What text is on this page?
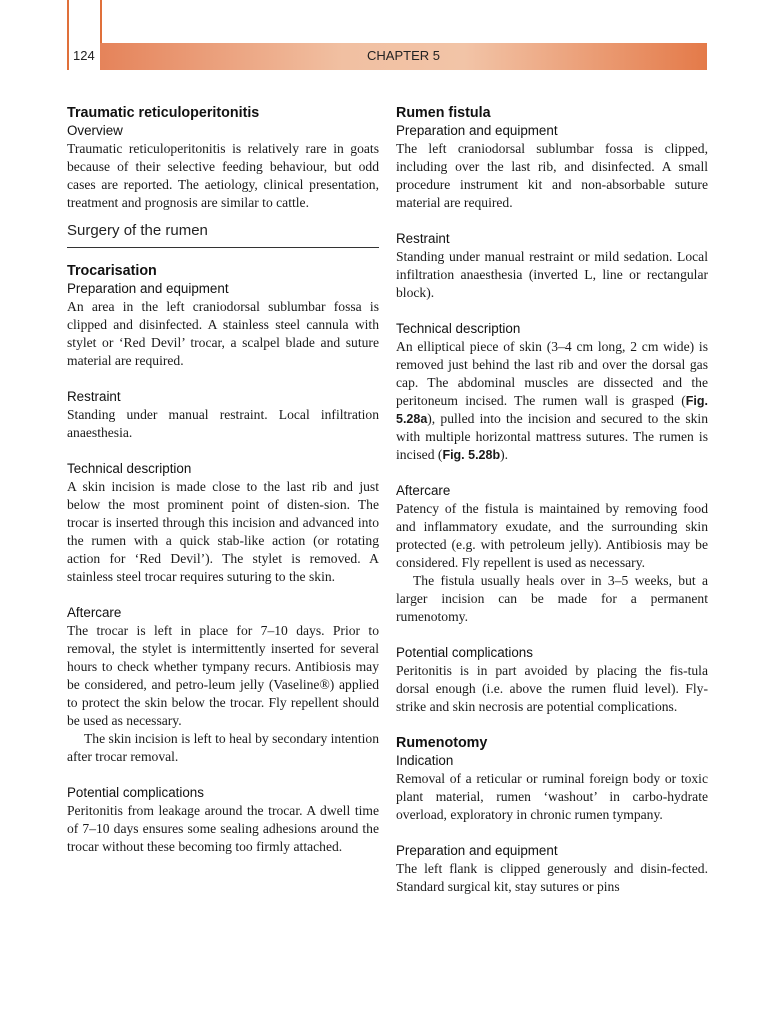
124	CHAPTER 5

Traumatic reticuloperitonitis

Overview

Traumatic reticuloperitonitis is relatively rare in goats because of their selective feeding behaviour, but odd cases are reported. The aetiology, clinical presentation, treatment and prognosis are similar to cattle.

Surgery of the rumen

Trocarisation

Preparation and equipment

An area in the left craniodorsal sublumbar fossa is clipped and disinfected. A stainless steel cannula with stylet or ‘Red Devil’ trocar, a scalpel blade and suture material are required.

Restraint

Standing under manual restraint. Local infiltration anaesthesia.

Technical description

A skin incision is made close to the last rib and just below the most prominent point of disten-sion. The trocar is inserted through this incision and advanced into the rumen with a quick stab-like action (or rotating action for ‘Red Devil’). The stylet is removed. A stainless steel trocar requires suturing to the skin.

Aftercare

The trocar is left in place for 7–10 days. Prior to removal, the stylet is intermittently inserted for several hours to check whether tympany recurs. Antibiosis may be considered, and petro-leum jelly (Vaseline®) applied to protect the skin below the trocar. Fly repellent should be used as necessary.

The skin incision is left to heal by secondary intention after trocar removal.

Potential complications

Peritonitis from leakage around the trocar. A dwell time of 7–10 days ensures some sealing adhesions around the trocar without these becoming too firmly attached.

Rumen fistula

Preparation and equipment

The left craniodorsal sublumbar fossa is clipped, including over the last rib, and disinfected. A small procedure instrument kit and non-absorbable suture material are required.

Restraint

Standing under manual restraint or mild sedation. Local infiltration anaesthesia (inverted L, line or rectangular block).

Technical description

An elliptical piece of skin (3–4 cm long, 2 cm wide) is removed just behind the last rib and over the dorsal gas cap. The abdominal muscles are dissected and the peritoneum incised. The rumen wall is grasped (Fig. 5.28a), pulled into the incision and secured to the skin with multiple horizontal mattress sutures. The rumen is incised (Fig. 5.28b).

Aftercare

Patency of the fistula is maintained by removing food and inflammatory exudate, and the surrounding skin protected (e.g. with petroleum jelly). Antibiosis may be considered. Fly repellent is used as necessary.

The fistula usually heals over in 3–5 weeks, but a larger incision can be made for a permanent rumenotomy.

Potential complications

Peritonitis is in part avoided by placing the fis-tula dorsal enough (i.e. above the rumen fluid level). Fly-strike and skin necrosis are potential complications.

Rumenotomy

Indication

Removal of a reticular or ruminal foreign body or toxic plant material, rumen ‘washout’ in carbo-hydrate overload, exploratory in chronic rumen tympany.

Preparation and equipment

The left flank is clipped generously and disin-fected. Standard surgical kit, stay sutures or pins
